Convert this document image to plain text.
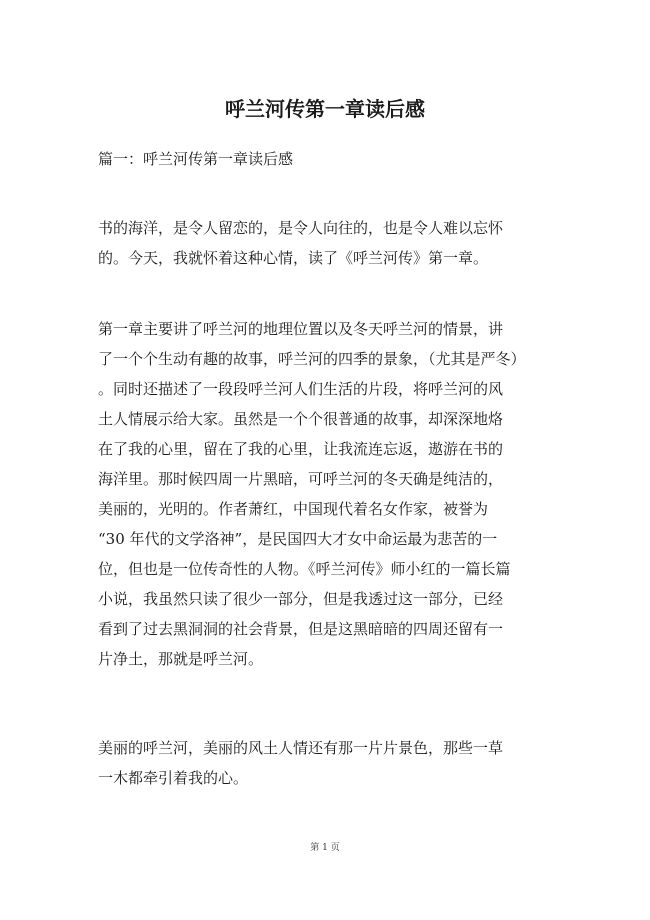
呼兰河传第一章读后感

篇一：呼兰河传第一章读后感

书的海洋，是令人留恋的，是令人向往的，也是令人难以忘怀
的。今天，我就怀着这种心情，读了《呼兰河传》第一章。
第一章主要讲了呼兰河的地理位置以及冬天呼兰河的情景，讲
了一个个生动有趣的故事，呼兰河的四季的景象，（尤其是严冬）
。同时还描述了一段段呼兰河人们生活的片段，将呼兰河的风
土人情展示给大家。虽然是一个个很普通的故事，却深深地烙
在了我的心里，留在了我的心里，让我流连忘返，遨游在书的
海洋里。那时候四周一片黑暗，可呼兰河的冬天确是纯洁的，
美丽的，光明的。作者萧红，中国现代着名女作家，被誉为
“30 年代的文学洛神”，是民国四大才女中命运最为悲苦的一
位，但也是一位传奇性的人物。《呼兰河传》师小红的一篇长篇
小说，我虽然只读了很少一部分，但是我透过这一部分，已经
看到了过去黑洞洞的社会背景，但是这黑暗暗的四周还留有一
片净土，那就是呼兰河。
美丽的呼兰河，美丽的风土人情还有那一片片景色，那些一草
一木都牵引着我的心。
第 1 页
